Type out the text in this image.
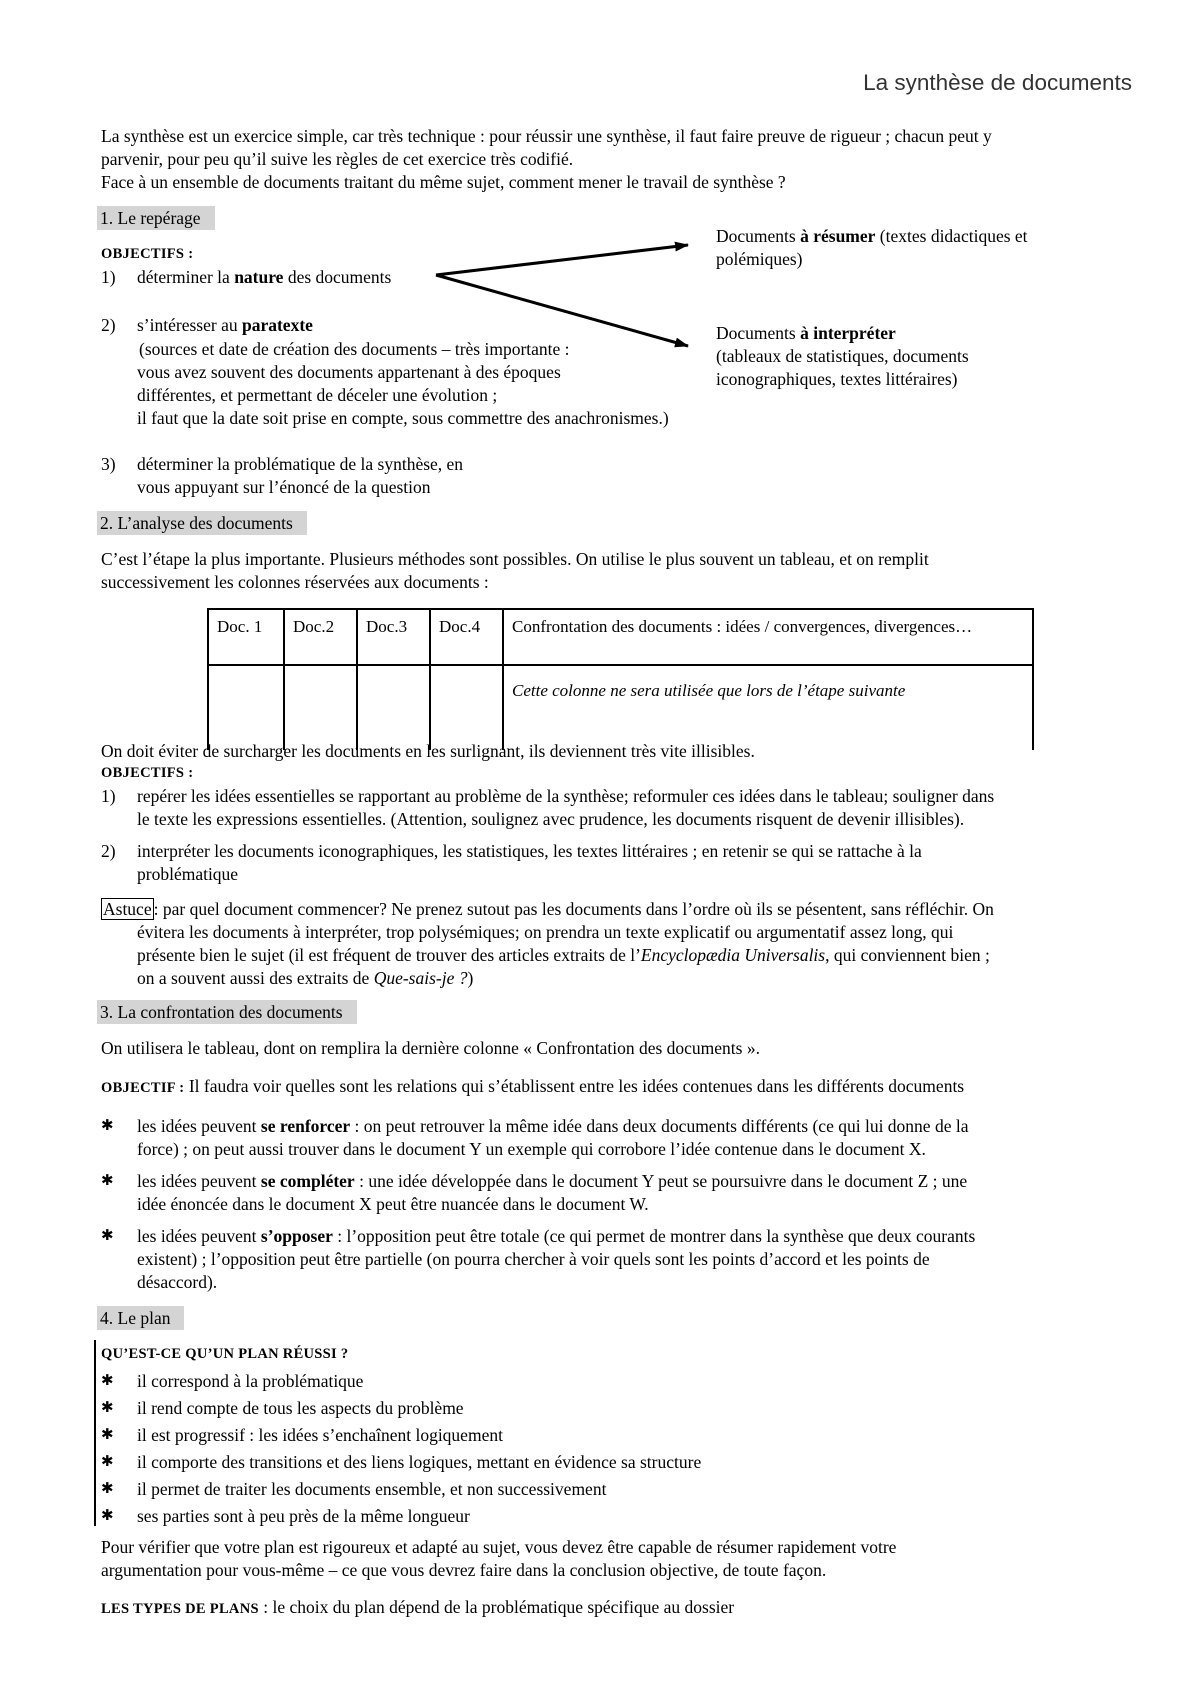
La synthèse de documents
La synthèse est un exercice simple, car très technique : pour réussir une synthèse, il faut faire preuve de rigueur ; chacun peut y
parvenir, pour peu qu’il suive les règles de cet exercice très codifié.
Face à un ensemble de documents traitant du même sujet, comment mener le travail de synthèse ?
1. Le repérage
OBJECTIFS :
1)	déterminer la nature des documents
2)	s’intéresser au paratexte
(sources et date de création des documents – très importante :
vous avez souvent des documents appartenant à des époques
différentes, et permettant de déceler une évolution ;
il faut que la date soit prise en compte, sous commettre des anachronismes.)
3)	déterminer la problématique de la synthèse, en
vous appuyant sur l’énoncé de la question
Documents à résumer (textes didactiques et
polémiques)
Documents à interpréter
(tableaux de statistiques, documents
iconographiques, textes littéraires)
2. L’analyse des documents
C’est l’étape la plus importante. Plusieurs méthodes sont possibles. On utilise le plus souvent un tableau, et on remplit
successivement les colonnes réservées aux documents :
Doc. 1	Doc.2	Doc.3	Doc.4	Confrontation des documents : idées / convergences, divergences…
				Cette colonne ne sera utilisée que lors de l’étape suivante
On doit éviter de surcharger les documents en les surlignant, ils deviennent très vite illisibles.
OBJECTIFS :
1)	repérer les idées essentielles se rapportant au problème de la synthèse; reformuler ces idées dans le tableau; souligner dans
le texte les expressions essentielles. (Attention, soulignez avec prudence, les documents risquent de devenir illisibles).
2)	interpréter les documents iconographiques, les statistiques, les textes littéraires ; en retenir se qui se rattache à la
problématique
Astuce : par quel document commencer? Ne prenez sutout pas les documents dans l’ordre où ils se pésentent, sans réfléchir. On
évitera les documents à interpréter, trop polysémiques; on prendra un texte explicatif ou argumentatif assez long, qui
présente bien le sujet (il est fréquent de trouver des articles extraits de l’Encyclopædia Universalis, qui conviennent bien ;
on a souvent aussi des extraits de Que-sais-je ?)
3. La confrontation des documents
On utilisera le tableau, dont on remplira la dernière colonne « Confrontation des documents ».
OBJECTIF : Il faudra voir quelles sont les relations qui s’établissent entre les idées contenues dans les différents documents
✱ les idées peuvent se renforcer : on peut retrouver la même idée dans deux documents différents (ce qui lui donne de la
force) ; on peut aussi trouver dans le document Y un exemple qui corrobore l’idée contenue dans le document X.
✱ les idées peuvent se compléter : une idée développée dans le document Y peut se poursuivre dans le document Z ; une
idée énoncée dans le document X peut être nuancée dans le document W.
✱ les idées peuvent s’opposer : l’opposition peut être totale (ce qui permet de montrer dans la synthèse que deux courants
existent) ; l’opposition peut être partielle (on pourra chercher à voir quels sont les points d’accord et les points de
désaccord).
4. Le plan
QU’EST-CE QU’UN PLAN RÉUSSI ?
✱ il correspond à la problématique
✱ il rend compte de tous les aspects du problème
✱ il est progressif : les idées s’enchaînent logiquement
✱ il comporte des transitions et des liens logiques, mettant en évidence sa structure
✱ il permet de traiter les documents ensemble, et non successivement
✱ ses parties sont à peu près de la même longueur
Pour vérifier que votre plan est rigoureux et adapté au sujet, vous devez être capable de résumer rapidement votre
argumentation pour vous-même – ce que vous devrez faire dans la conclusion objective, de toute façon.
LES TYPES DE PLANS : le choix du plan dépend de la problématique spécifique au dossier
